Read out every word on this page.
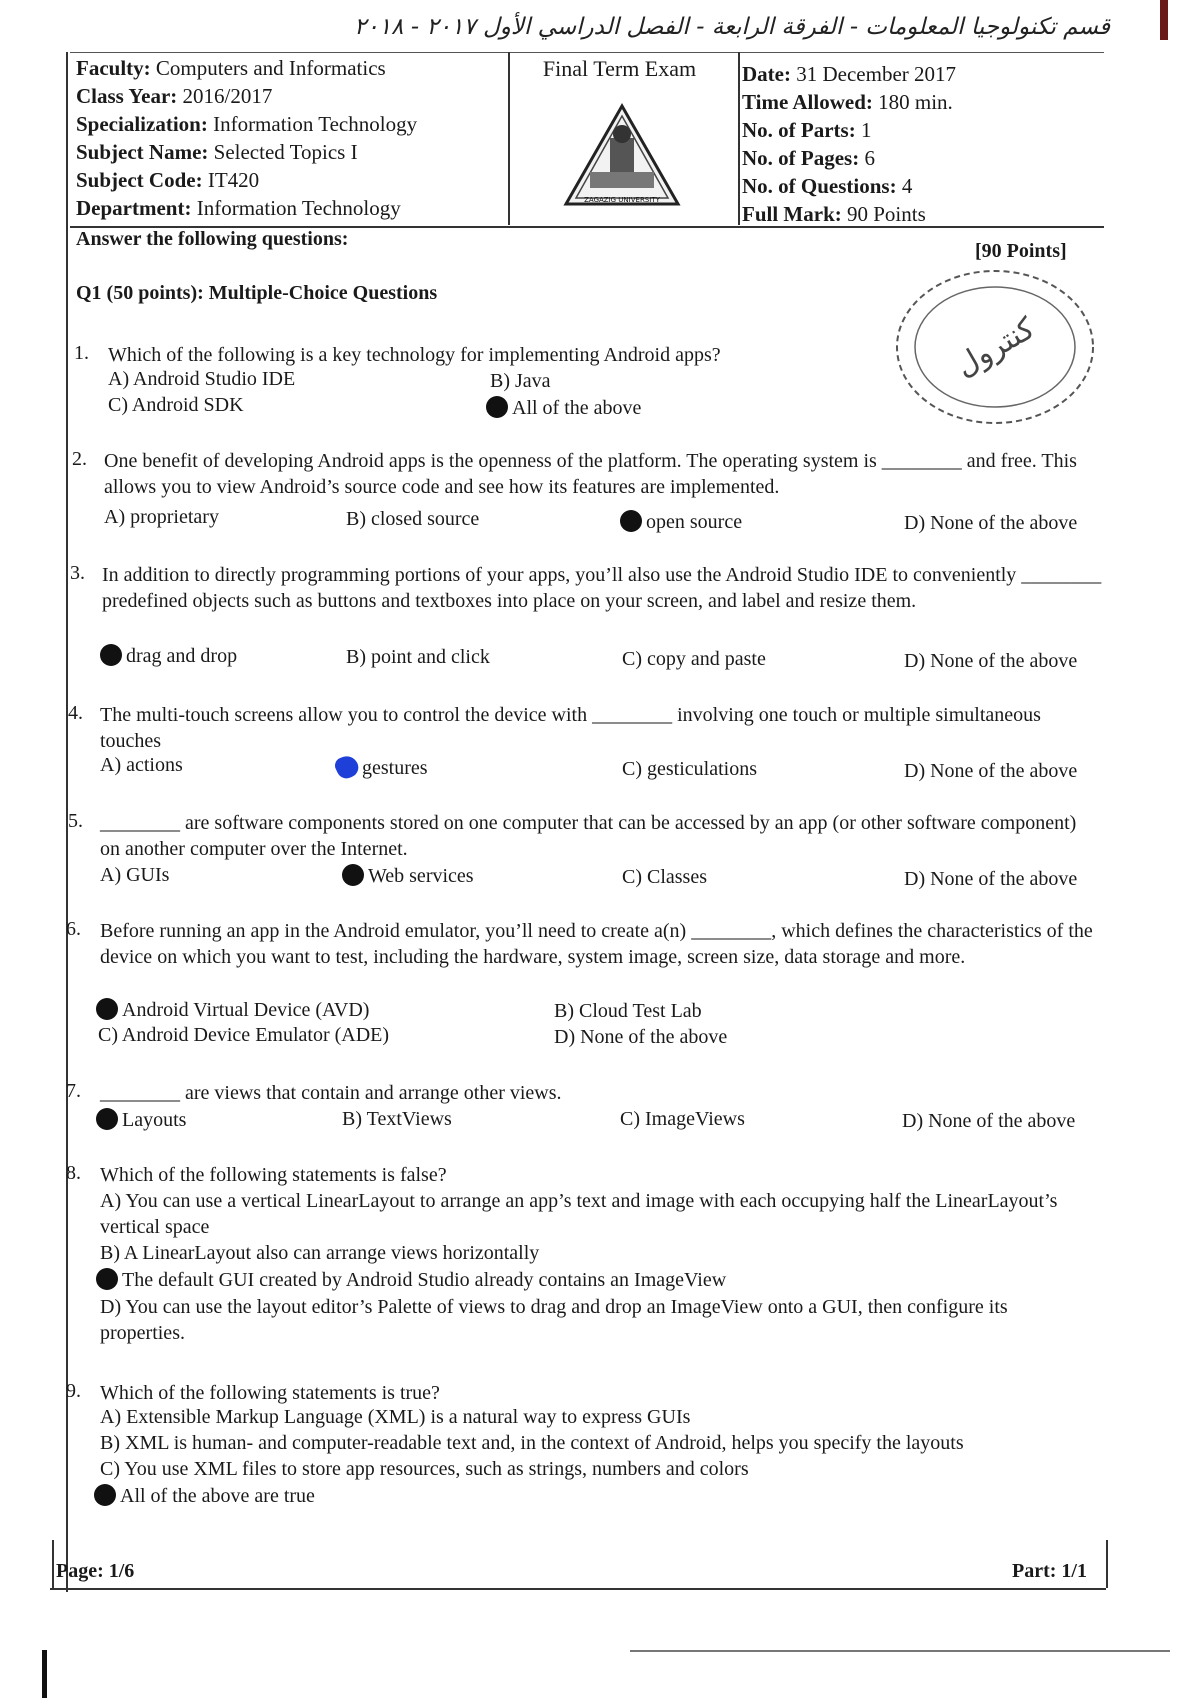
قسم تكنولوجيا المعلومات - الفرقة الرابعة - الفصل الدراسي الأول ٢٠١٧ - ٢٠١٨
Faculty: Computers and Informatics
Class Year: 2016/2017
Specialization: Information Technology
Subject Name: Selected Topics I
Subject Code: IT420
Department: Information Technology
Final Term Exam
ZAGAZIG UNIVERSITY
Date: 31 December 2017
Time Allowed: 180 min.
No. of Parts: 1
No. of Pages: 6
No. of Questions: 4
Full Mark: 90 Points
Answer the following questions:
[90 Points]
Q1 (50 points): Multiple-Choice Questions
كنترول
1. Which of the following is a key technology for implementing Android apps?
A) Android Studio IDE	B) Java
C) Android SDK	All of the above
2. One benefit of developing Android apps is the openness of the platform. The operating system is ________ and free. This allows you to view Android’s source code and see how its features are implemented.
A) proprietary	B) closed source	open source	D) None of the above
3. In addition to directly programming portions of your apps, you’ll also use the Android Studio IDE to conveniently ________ predefined objects such as buttons and textboxes into place on your screen, and label and resize them.
drag and drop	B) point and click	C) copy and paste	D) None of the above
4. The multi-touch screens allow you to control the device with ________ involving one touch or multiple simultaneous touches
A) actions	gestures	C) gesticulations	D) None of the above
5. ________ are software components stored on one computer that can be accessed by an app (or other software component) on another computer over the Internet.
A) GUIs	Web services	C) Classes	D) None of the above
6. Before running an app in the Android emulator, you’ll need to create a(n) ________, which defines the characteristics of the device on which you want to test, including the hardware, system image, screen size, data storage and more.
Android Virtual Device (AVD)	B) Cloud Test Lab
C) Android Device Emulator (ADE)	D) None of the above
7. ________ are views that contain and arrange other views.
Layouts	B) TextViews	C) ImageViews	D) None of the above
8. Which of the following statements is false?
A) You can use a vertical LinearLayout to arrange an app’s text and image with each occupying half the LinearLayout’s vertical space
B) A LinearLayout also can arrange views horizontally
The default GUI created by Android Studio already contains an ImageView
D) You can use the layout editor’s Palette of views to drag and drop an ImageView onto a GUI, then configure its properties.
9. Which of the following statements is true?
A) Extensible Markup Language (XML) is a natural way to express GUIs
B) XML is human- and computer-readable text and, in the context of Android, helps you specify the layouts
C) You use XML files to store app resources, such as strings, numbers and colors
All of the above are true
Page: 1/6	Part: 1/1
